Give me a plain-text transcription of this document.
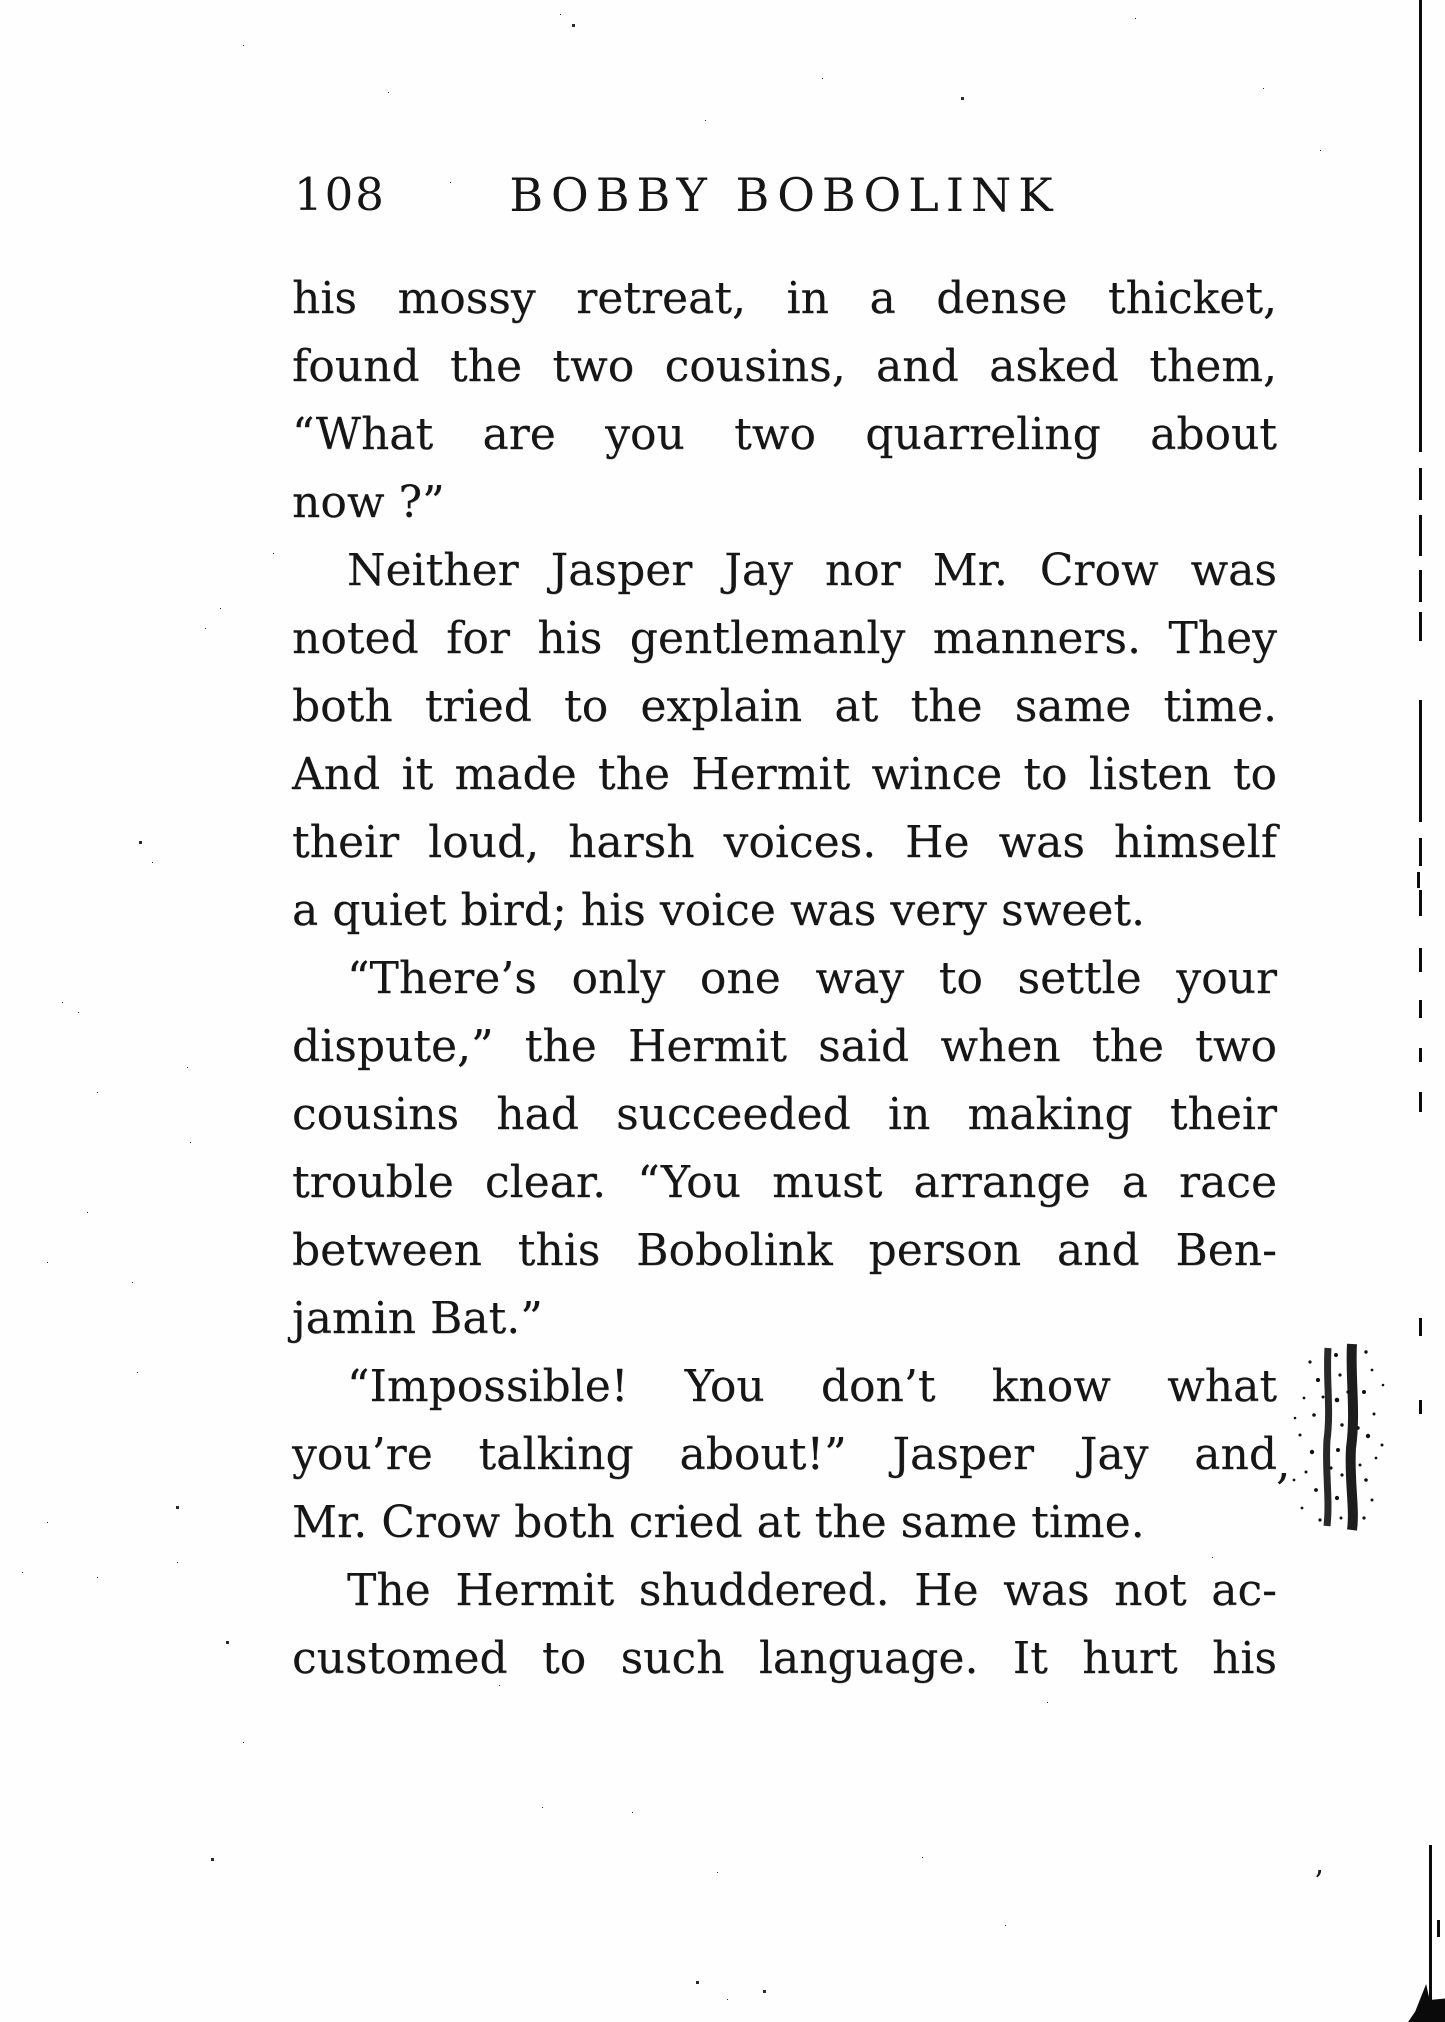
108	BOBBY BOBOLINK
his mossy retreat, in a dense thicket,
found the two cousins, and asked them,
“What are you two quarreling about
now ?”
Neither Jasper Jay nor Mr. Crow was
noted for his gentlemanly manners. They
both tried to explain at the same time.
And it made the Hermit wince to listen to
their loud, harsh voices. He was himself
a quiet bird; his voice was very sweet.
“There’s only one way to settle your
dispute,” the Hermit said when the two
cousins had succeeded in making their
trouble clear. “You must arrange a race
between this Bobolink person and Ben-
jamin Bat.”
“Impossible! You don’t know what
you’re talking about!” Jasper Jay and
Mr. Crow both cried at the same time.
The Hermit shuddered. He was not ac-
customed to such language. It hurt his
,
’
